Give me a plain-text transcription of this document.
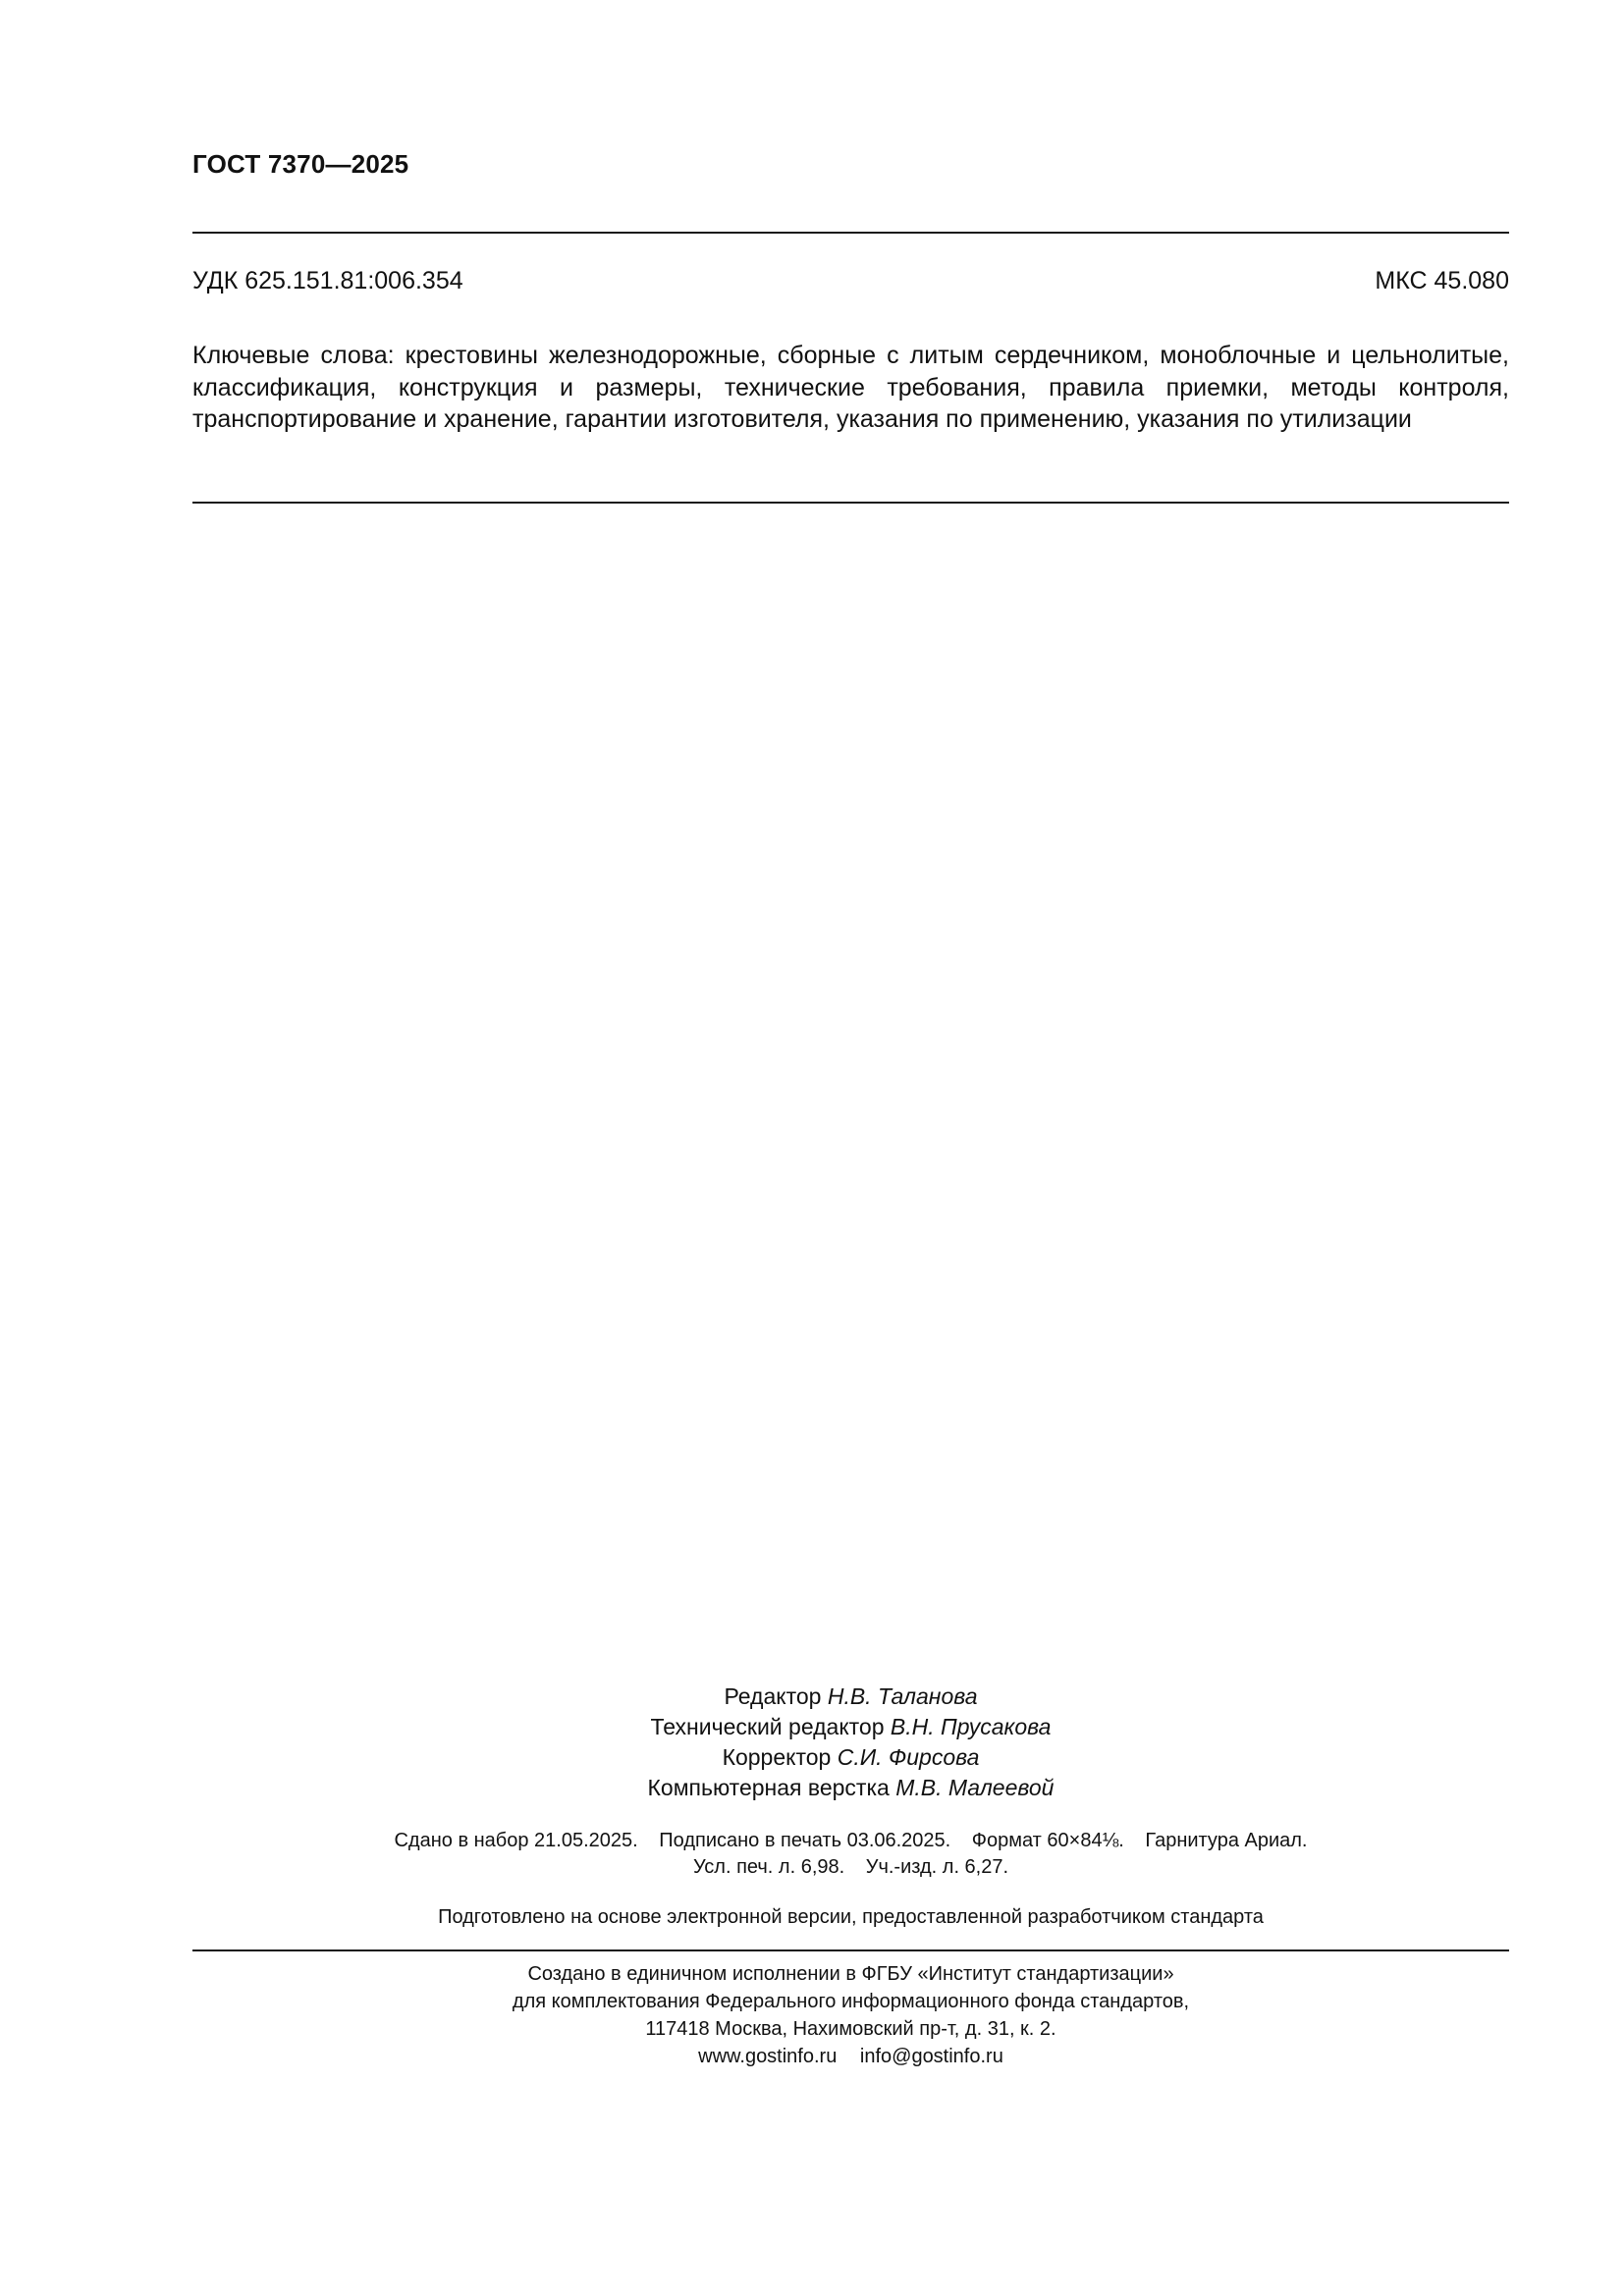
ГОСТ 7370—2025
УДК 625.151.81:006.354	МКС 45.080
Ключевые слова: крестовины железнодорожные, сборные с литым сердечником, моноблочные и цельнолитые, классификация, конструкция и размеры, технические требования, правила приемки, методы контроля, транспортирование и хранение, гарантии изготовителя, указания по применению, указания по утилизации
Редактор Н.В. Таланова
Технический редактор В.Н. Прусакова
Корректор С.И. Фирсова
Компьютерная верстка М.В. Малеевой
Сдано в набор 21.05.2025. Подписано в печать 03.06.2025. Формат 60×84⅛. Гарнитура Ариал.
Усл. печ. л. 6,98. Уч.-изд. л. 6,27.
Подготовлено на основе электронной версии, предоставленной разработчиком стандарта
Создано в единичном исполнении в ФГБУ «Институт стандартизации»
для комплектования Федерального информационного фонда стандартов,
117418 Москва, Нахимовский пр-т, д. 31, к. 2.
www.gostinfo.ru info@gostinfo.ru
